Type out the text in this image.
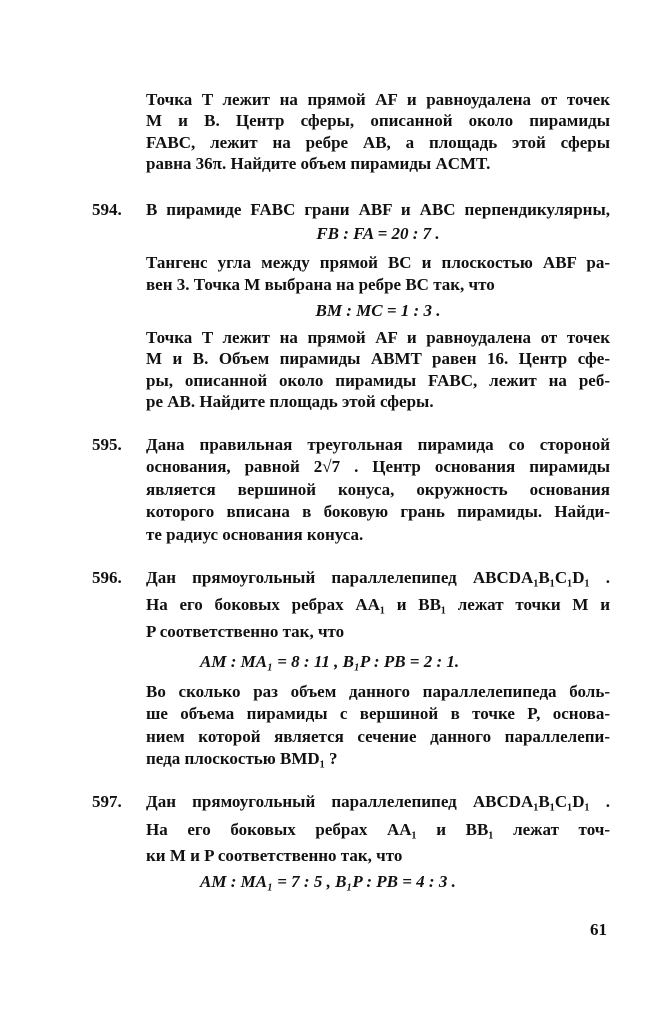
Точка T лежит на прямой AF и равноудалена от точек
M и B. Центр сферы, описанной около пирамиды
FABC, лежит на ребре AB, а площадь этой сферы
равна 36π. Найдите объем пирамиды ACMT.
594. В пирамиде FABC грани ABF и ABC перпендикулярны,
FB : FA = 20 : 7 .
Тангенс угла между прямой BC и плоскостью ABF ра-
вен 3. Точка M выбрана на ребре BC так, что
BM : MC = 1 : 3 .
Точка T лежит на прямой AF и равноудалена от точек
M и B. Объем пирамиды ABMT равен 16. Центр сфе-
ры, описанной около пирамиды FABC, лежит на реб-
ре AB. Найдите площадь этой сферы.
595. Дана правильная треугольная пирамида со стороной
основания, равной 2√7 . Центр основания пирамиды
является вершиной конуса, окружность основания
которого вписана в боковую грань пирамиды. Найди-
те радиус основания конуса.
596. Дан прямоугольный параллелепипед ABCDA₁B₁C₁D₁ .
На его боковых ребрах AA₁ и BB₁ лежат точки M и
P соответственно так, что
AM : MA₁ = 8 : 11 , B₁P : PB = 2 : 1.
Во сколько раз объем данного параллелепипеда боль-
ше объема пирамиды с вершиной в точке P, основа-
нием которой является сечение данного параллелепи-
педа плоскостью BMD₁ ?
597. Дан прямоугольный параллелепипед ABCDA₁B₁C₁D₁ .
На его боковых ребрах AA₁ и BB₁ лежат точ-
ки M и P соответственно так, что
AM : MA₁ = 7 : 5 , B₁P : PB = 4 : 3 .
61
